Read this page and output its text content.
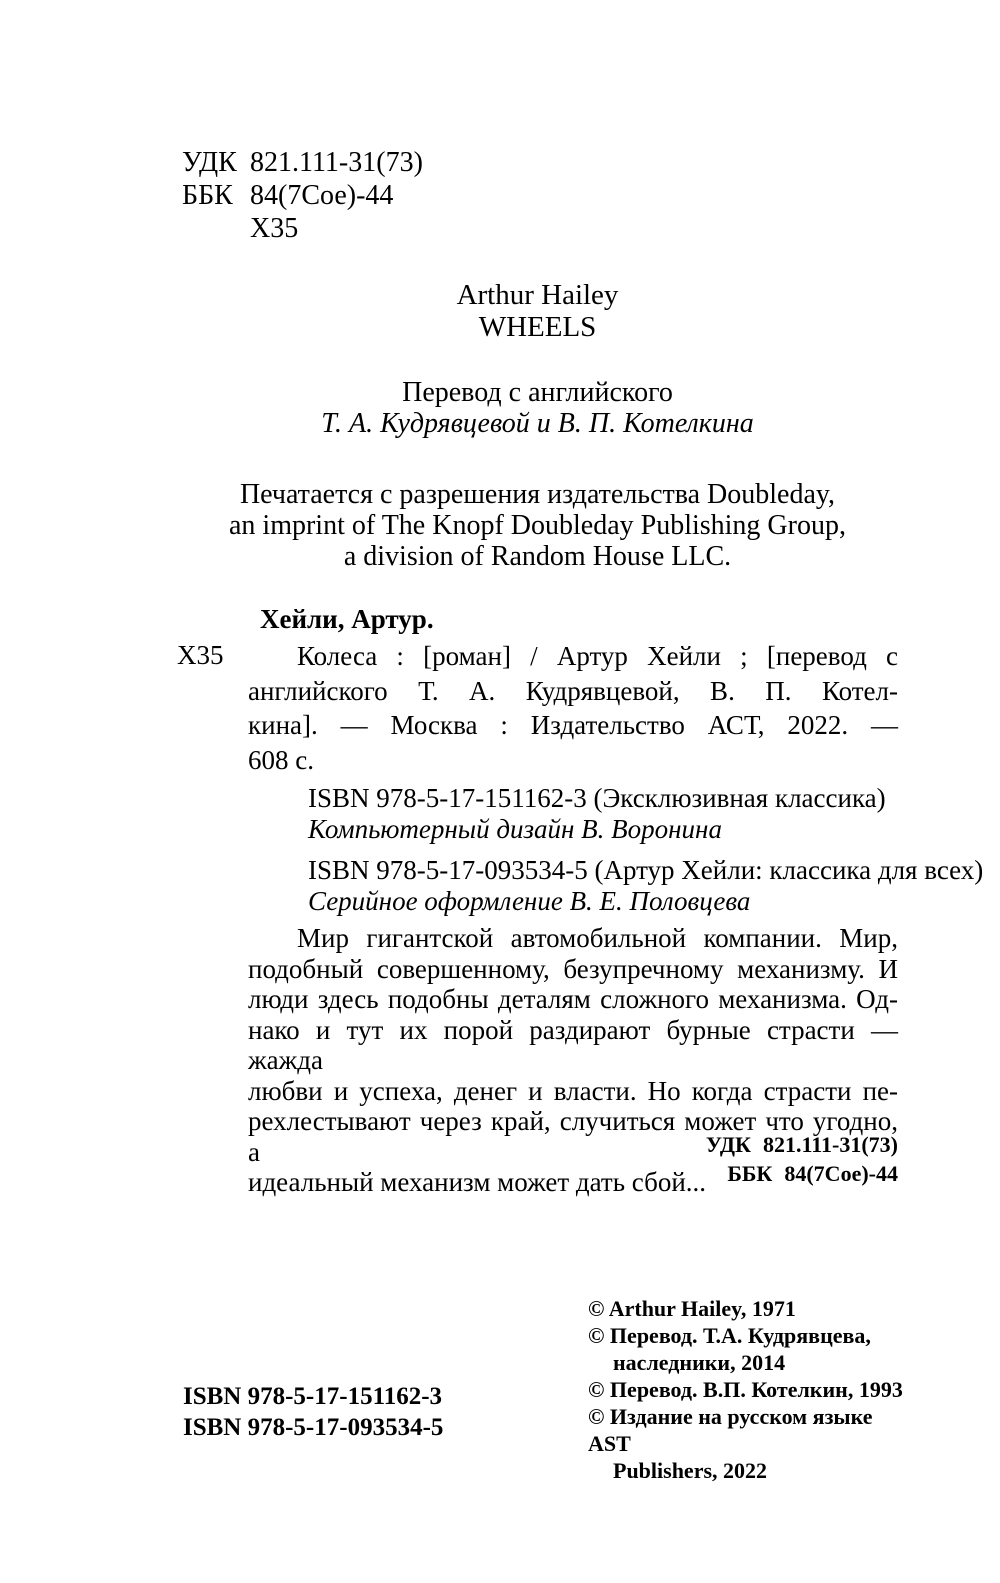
УДК 821.111-31(73)
ББК 84(7Сое)-44
Х35
Arthur Hailey
WHEELS
Перевод с английского
Т. А. Кудрявцевой и В. П. Котелкина
Печатается с разрешения издательства Doubleday,
an imprint of The Knopf Doubleday Publishing Group,
a division of Random House LLC.
Хейли, Артур.
Х35	Колеса : [роман] / Артур Хейли ; [перевод с
английского Т. А. Кудрявцевой, В. П. Котел-
кина]. — Москва : Издательство АСТ, 2022. —
608 с.
ISBN 978-5-17-151162-3 (Эксклюзивная классика)
Компьютерный дизайн В. Воронина
ISBN 978-5-17-093534-5 (Артур Хейли: классика для всех)
Серийное оформление В. Е. Половцева
Мир гигантской автомобильной компании. Мир,
подобный совершенному, безупречному механизму. И
люди здесь подобны деталям сложного механизма. Од-
нако и тут их порой раздирают бурные страсти — жажда
любви и успеха, денег и власти. Но когда страсти пе-
рехлестывают через край, случиться может что угодно, а
идеальный механизм может дать сбой...
УДК 821.111-31(73)
ББК 84(7Сое)-44
© Arthur Hailey, 1971
© Перевод. Т.А. Кудрявцева,
наследники, 2014
© Перевод. В.П. Котелкин, 1993
© Издание на русском языке AST
Publishers, 2022
ISBN 978-5-17-151162-3
ISBN 978-5-17-093534-5
